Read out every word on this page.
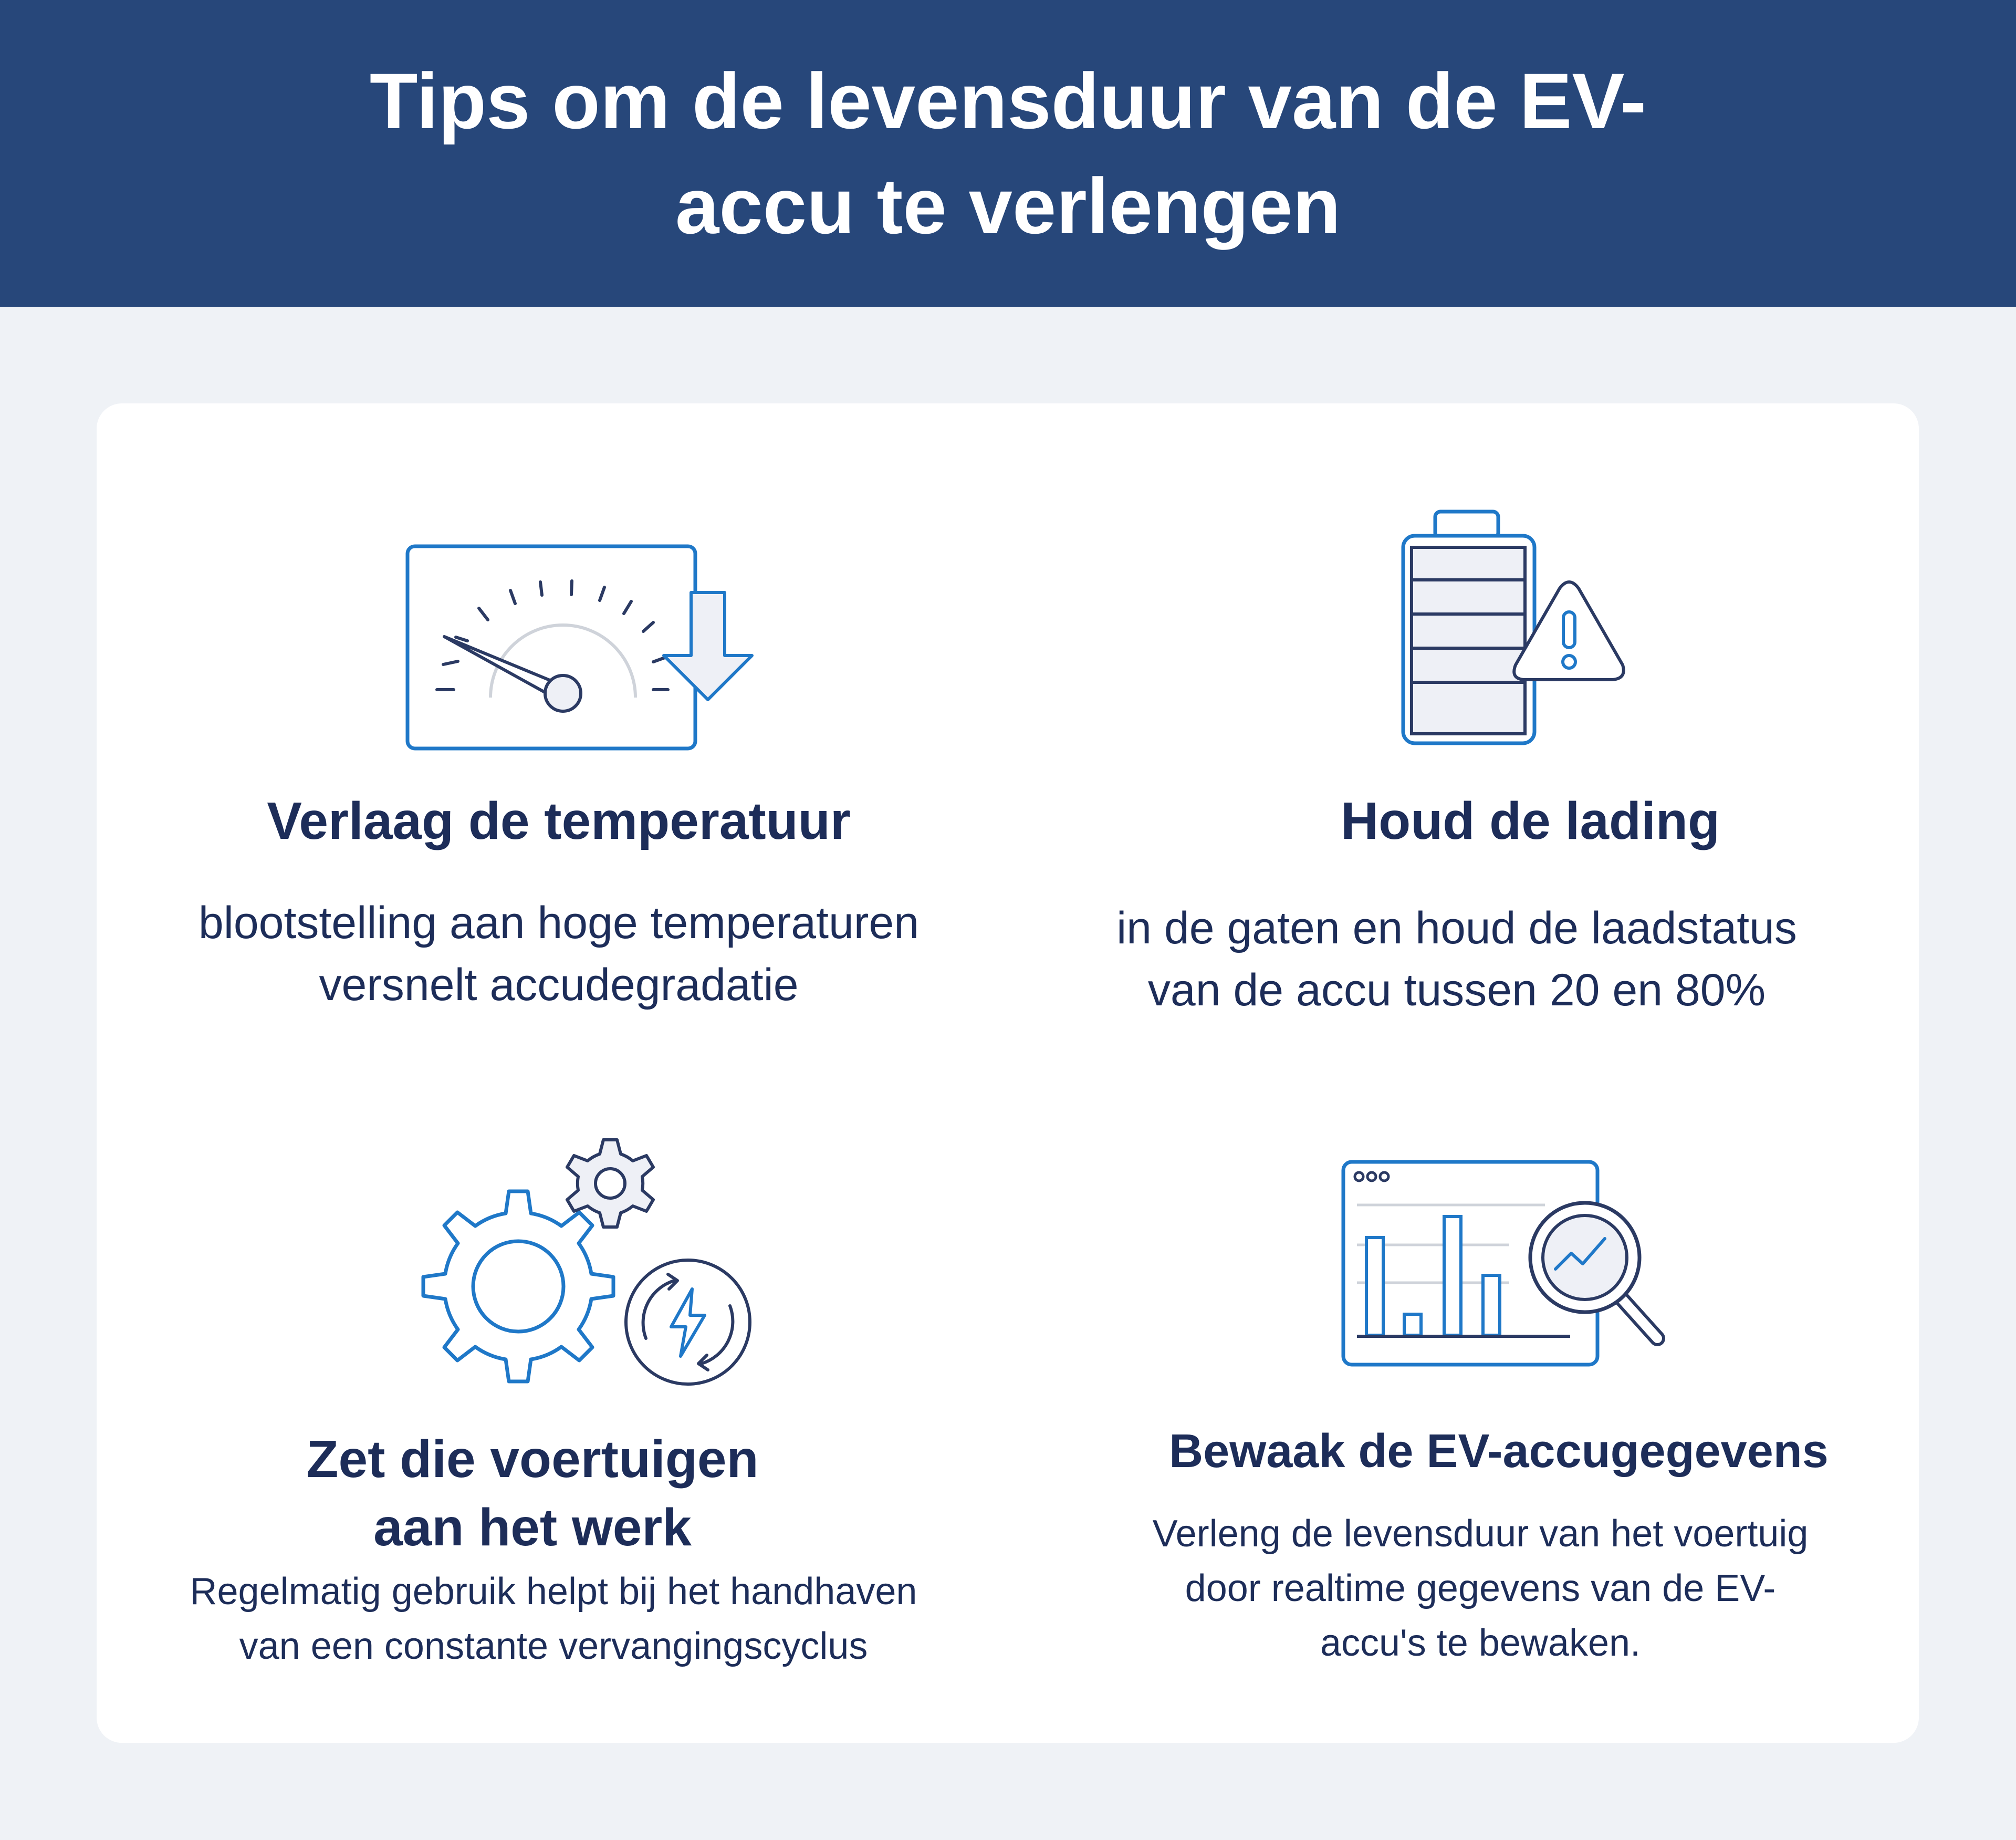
Tips om de levensduur van de EV-accu te verlengen
Verlaag de temperatuur

blootstelling aan hoge temperaturen versnelt accudegradatie

Houd de lading

in de gaten en houd de laadstatus van de accu tussen 20 en 80%

Zet die voertuigen aan het werk

Regelmatig gebruik helpt bij het handhaven van een constante vervangingscyclus

Bewaak de EV-accugegevens

Verleng de levensduur van het voertuig door realtime gegevens van de EV-accu's te bewaken.
